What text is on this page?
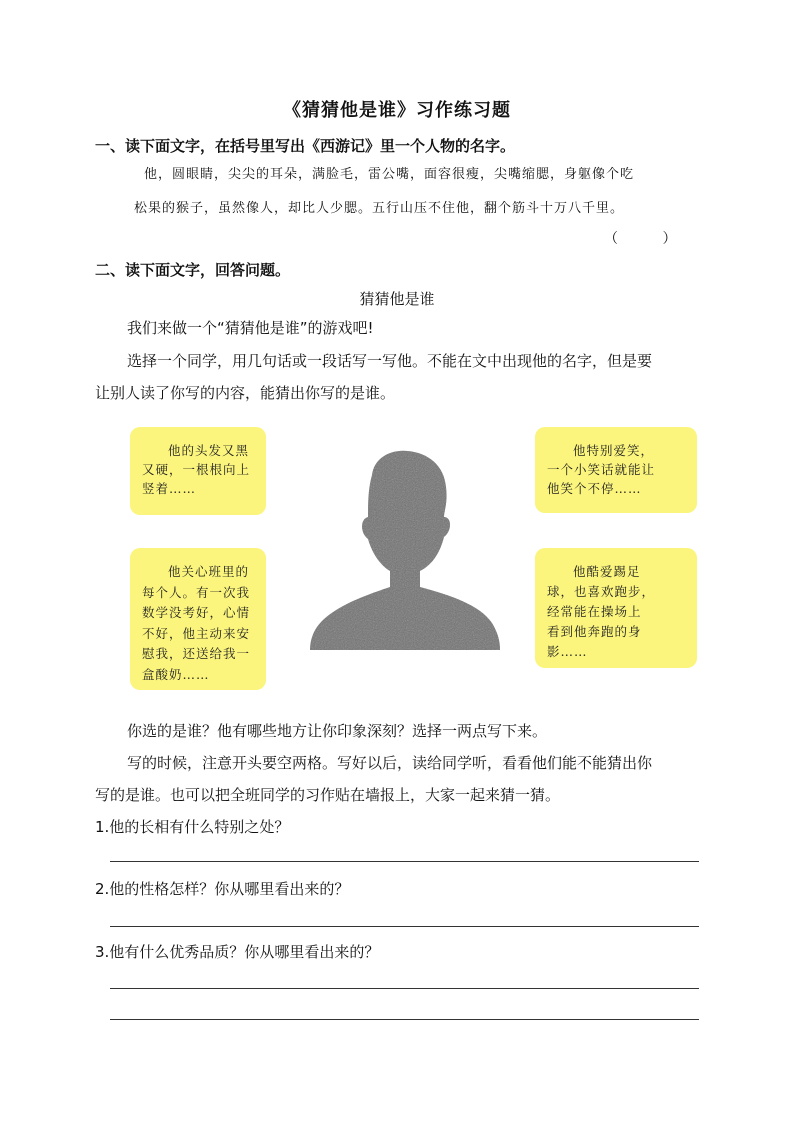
《猜猜他是谁》习作练习题
一、读下面文字，在括号里写出《西游记》里一个人物的名字。
他，圆眼睛，尖尖的耳朵，满脸毛，雷公嘴，面容很瘦，尖嘴缩腮，身躯像个吃
松果的猴子，虽然像人，却比人少腮。五行山压不住他，翻个筋斗十万八千里。
（          ）
二、读下面文字，回答问题。
猜猜他是谁
我们来做一个“猜猜他是谁”的游戏吧!
选择一个同学，用几句话或一段话写一写他。不能在文中出现他的名字，但是要
让别人读了你写的内容，能猜出你写的是谁。
他的头发又黑
又硬，一根根向上
竖着……
他特别爱笑，
一个小笑话就能让
他笑个不停……
他关心班里的
每个人。有一次我
数学没考好，心情
不好，他主动来安
慰我，还送给我一
盒酸奶……
他酷爱踢足
球，也喜欢跑步，
经常能在操场上
看到他奔跑的身
影……
你选的是谁？他有哪些地方让你印象深刻？选择一两点写下来。
写的时候，注意开头要空两格。写好以后，读给同学听，看看他们能不能猜出你
写的是谁。也可以把全班同学的习作贴在墙报上，大家一起来猜一猜。
1.他的长相有什么特别之处？
2.他的性格怎样？你从哪里看出来的？
3.他有什么优秀品质？你从哪里看出来的？
